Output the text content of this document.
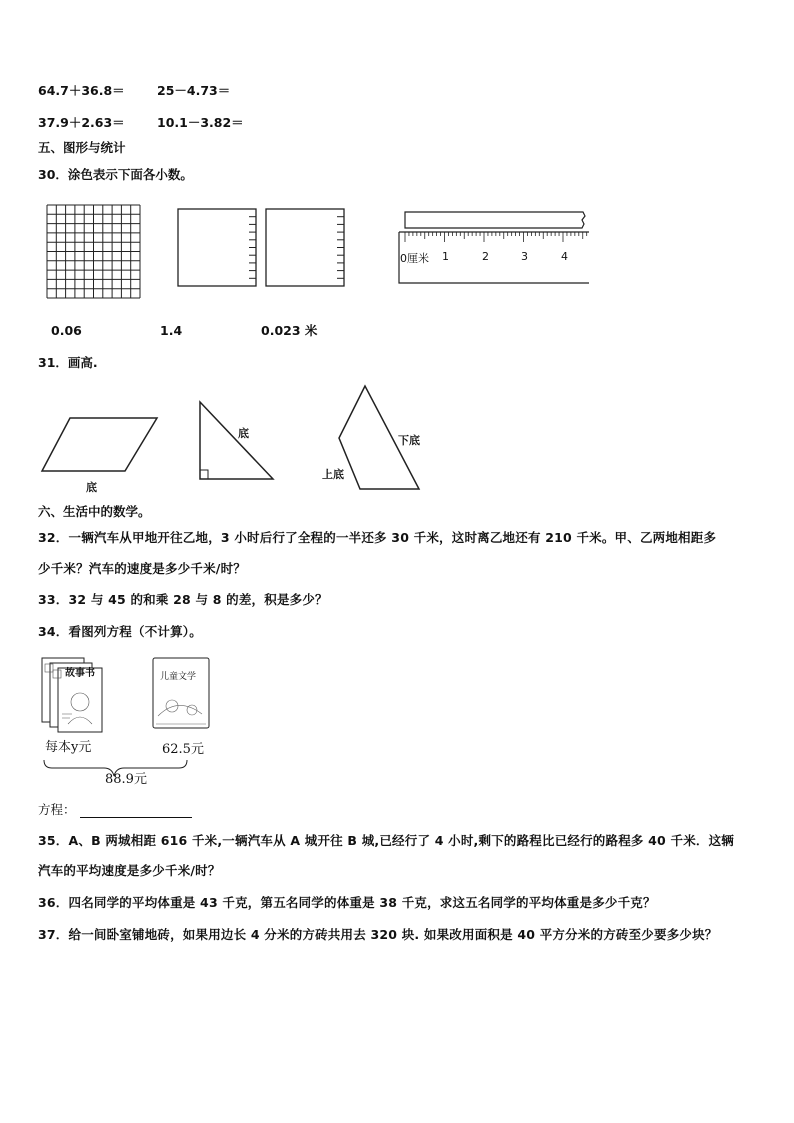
64.7＋36.8＝	25－4.73＝
37.9＋2.63＝	10.1－3.82＝
五、图形与统计
30．涂色表示下面各小数。
0厘米 1	2	3	4
0.06	1.4	0.023 米
31．画高.
底
底
下底
上底
六、生活中的数学。
32．一辆汽车从甲地开往乙地，3 小时后行了全程的一半还多 30 千米，这时离乙地还有 210 千米。甲、乙两地相距多
少千米？汽车的速度是多少千米/时？
33．32 与 45 的和乘 28 与 8 的差，积是多少？
34．看图列方程（不计算）。
故事书	儿童文学
每本y元	62.5元
88.9元
方程：
35．A、B 两城相距 616 千米,一辆汽车从 A 城开往 B 城,已经行了 4 小时,剩下的路程比已经行的路程多 40 千米．这辆
汽车的平均速度是多少千米/时？
36．四名同学的平均体重是 43 千克，第五名同学的体重是 38 千克，求这五名同学的平均体重是多少千克？
37．给一间卧室铺地砖，如果用边长 4 分米的方砖共用去 320 块. 如果改用面积是 40 平方分米的方砖至少要多少块？
